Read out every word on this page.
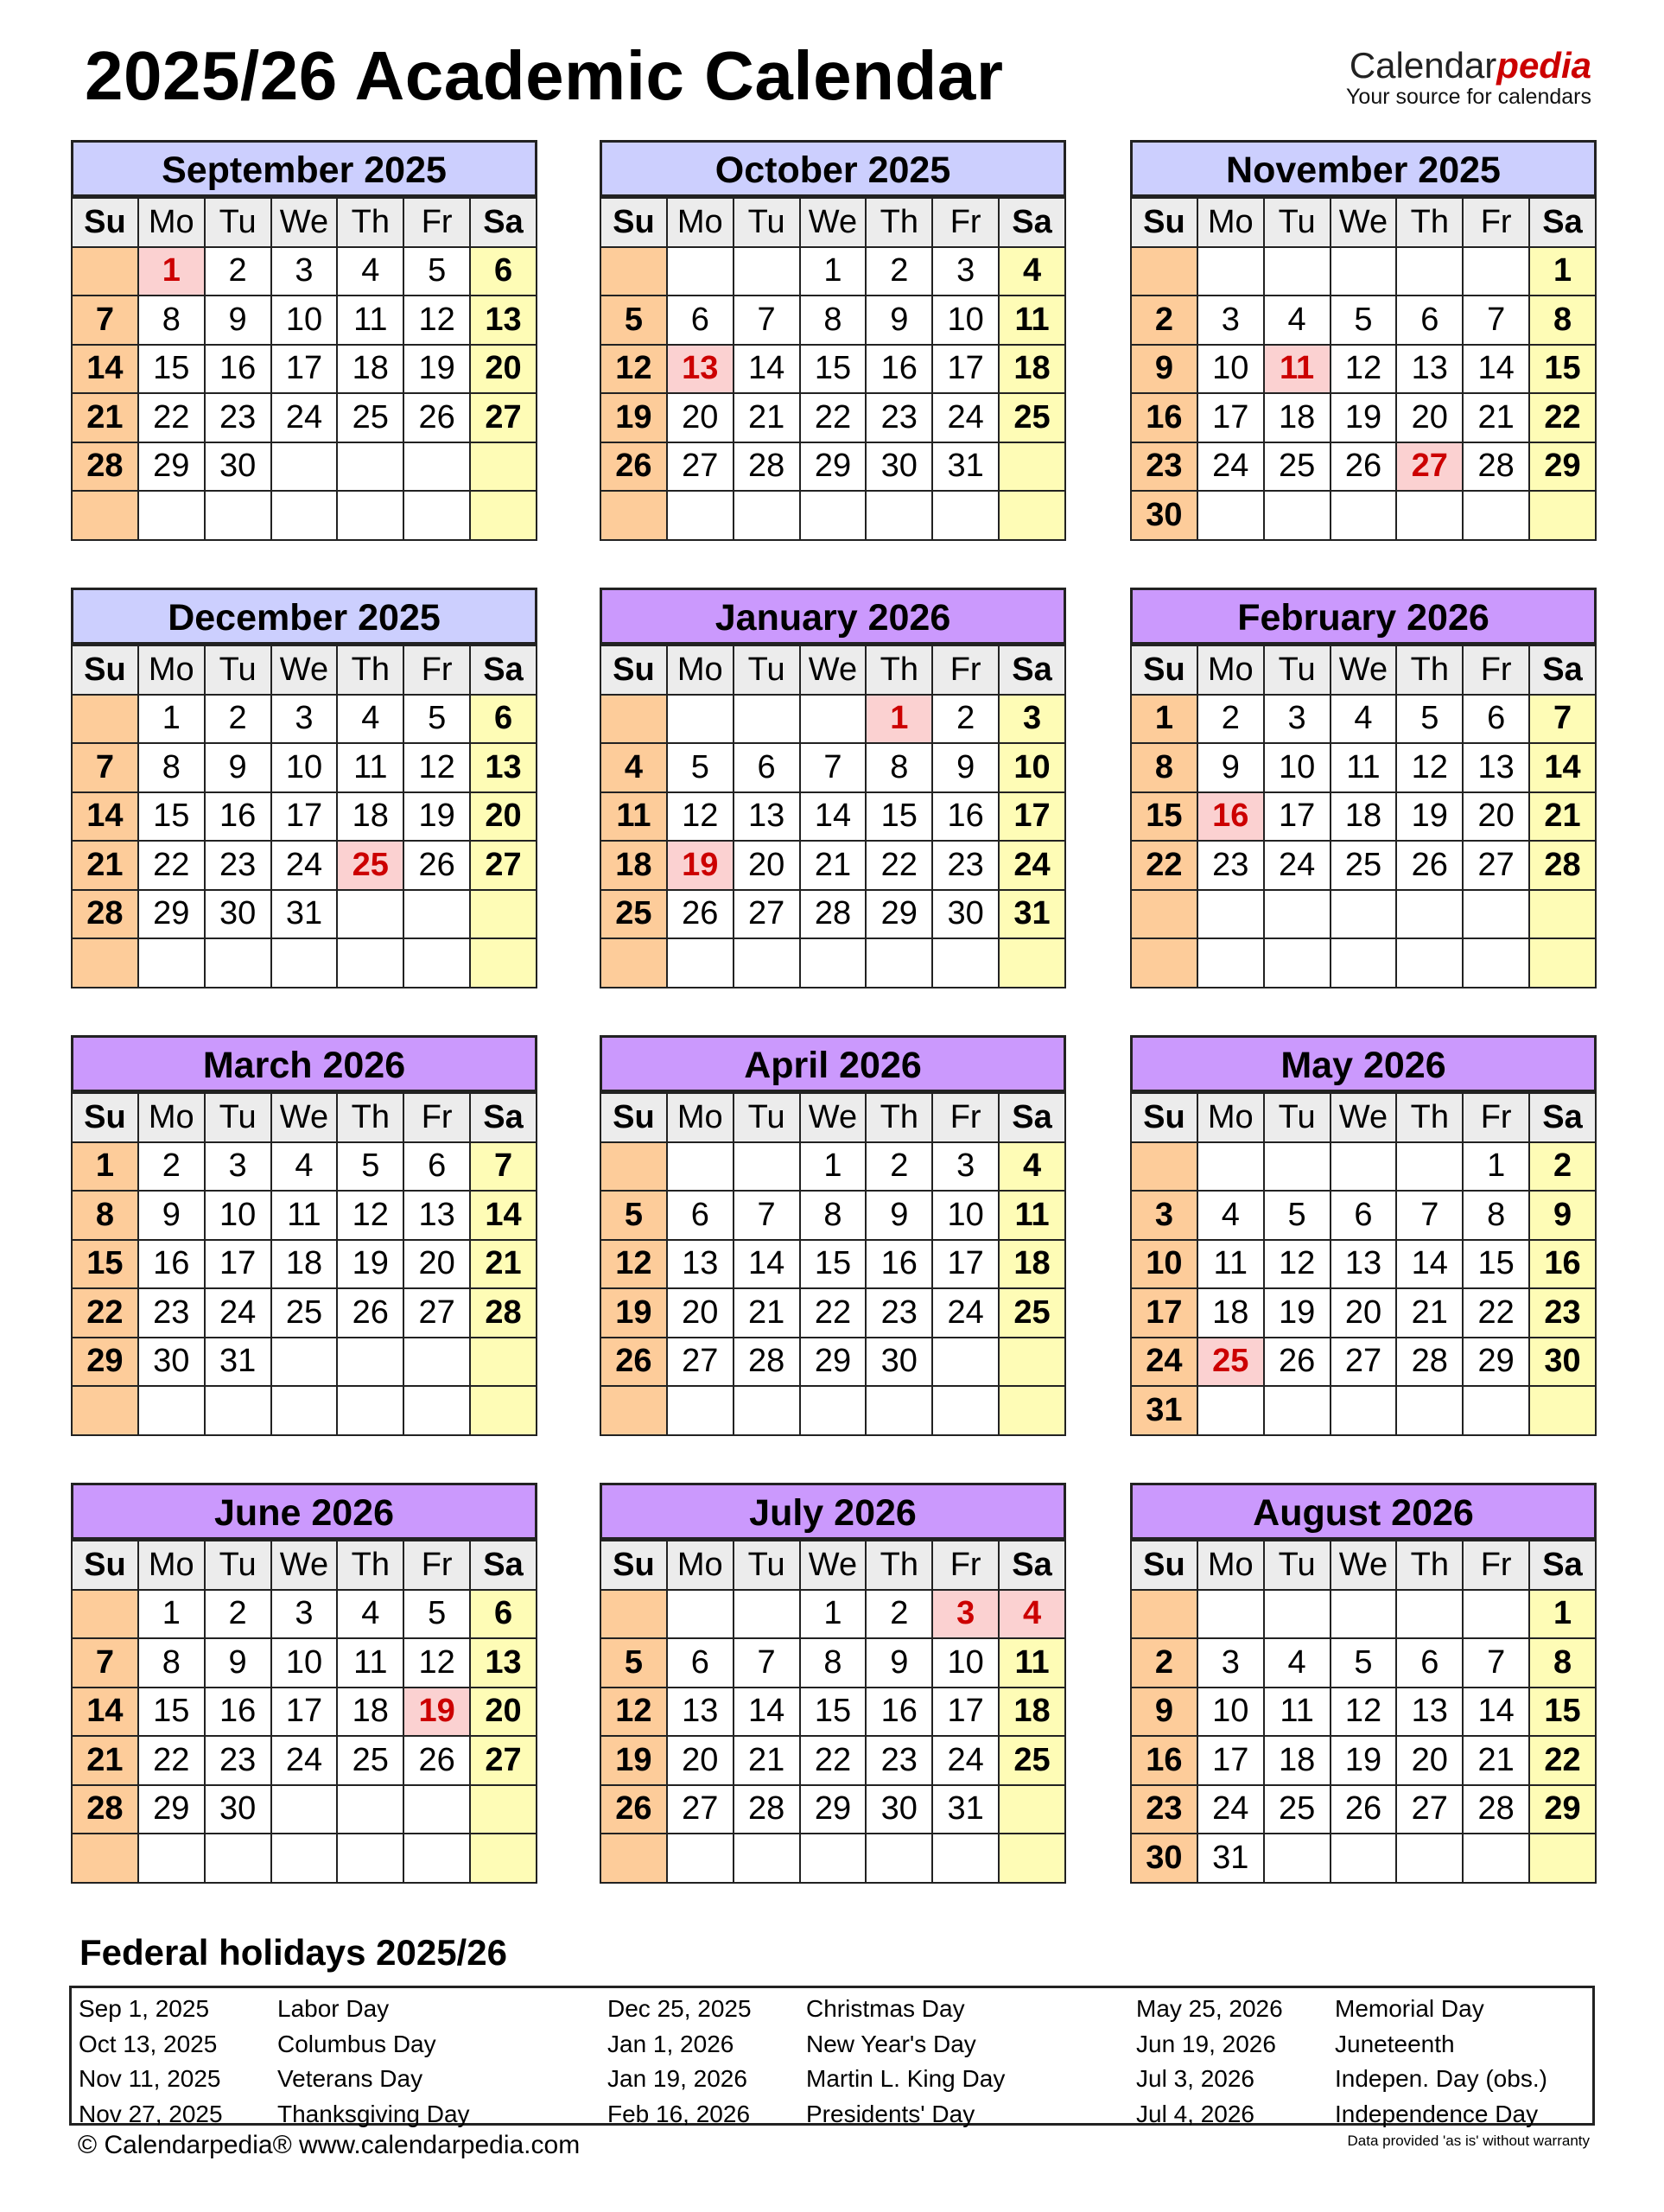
2025/26 Academic Calendar	Calendarpedia
Your source for calendars
September 2025
Su	Mo	Tu	We	Th	Fr	Sa
	1	2	3	4	5	6
7	8	9	10	11	12	13
14	15	16	17	18	19	20
21	22	23	24	25	26	27
28	29	30				

October 2025
Su	Mo	Tu	We	Th	Fr	Sa
			1	2	3	4
5	6	7	8	9	10	11
12	13	14	15	16	17	18
19	20	21	22	23	24	25
26	27	28	29	30	31	

November 2025
Su	Mo	Tu	We	Th	Fr	Sa
						1
2	3	4	5	6	7	8
9	10	11	12	13	14	15
16	17	18	19	20	21	22
23	24	25	26	27	28	29
30						
December 2025
Su	Mo	Tu	We	Th	Fr	Sa
	1	2	3	4	5	6
7	8	9	10	11	12	13
14	15	16	17	18	19	20
21	22	23	24	25	26	27
28	29	30	31			

January 2026
Su	Mo	Tu	We	Th	Fr	Sa
				1	2	3
4	5	6	7	8	9	10
11	12	13	14	15	16	17
18	19	20	21	22	23	24
25	26	27	28	29	30	31

February 2026
Su	Mo	Tu	We	Th	Fr	Sa
1	2	3	4	5	6	7
8	9	10	11	12	13	14
15	16	17	18	19	20	21
22	23	24	25	26	27	28

March 2026
Su	Mo	Tu	We	Th	Fr	Sa
1	2	3	4	5	6	7
8	9	10	11	12	13	14
15	16	17	18	19	20	21
22	23	24	25	26	27	28
29	30	31				

April 2026
Su	Mo	Tu	We	Th	Fr	Sa
			1	2	3	4
5	6	7	8	9	10	11
12	13	14	15	16	17	18
19	20	21	22	23	24	25
26	27	28	29	30		

May 2026
Su	Mo	Tu	We	Th	Fr	Sa
					1	2
3	4	5	6	7	8	9
10	11	12	13	14	15	16
17	18	19	20	21	22	23
24	25	26	27	28	29	30
31						
June 2026
Su	Mo	Tu	We	Th	Fr	Sa
	1	2	3	4	5	6
7	8	9	10	11	12	13
14	15	16	17	18	19	20
21	22	23	24	25	26	27
28	29	30				

July 2026
Su	Mo	Tu	We	Th	Fr	Sa
			1	2	3	4
5	6	7	8	9	10	11
12	13	14	15	16	17	18
19	20	21	22	23	24	25
26	27	28	29	30	31	

August 2026
Su	Mo	Tu	We	Th	Fr	Sa
						1
2	3	4	5	6	7	8
9	10	11	12	13	14	15
16	17	18	19	20	21	22
23	24	25	26	27	28	29
30	31					
Federal holidays 2025/26
Sep 1, 2025	Labor Day
Oct 13, 2025 Columbus Day
Nov 11, 2025 Veterans Day
Nov 27, 2025 Thanksgiving Day
Dec 25, 2025 Christmas Day
Jan 1, 2026	New Year's Day
Jan 19, 2026 Martin L. King Day
Feb 16, 2026 Presidents' Day
May 25, 2026 Memorial Day
Jun 19, 2026 Juneteenth
Jul 3, 2026	Indepen. Day (obs.)
Jul 4, 2026	Independence Day
© Calendarpedia® www.calendarpedia.com	Data provided 'as is' without warranty
